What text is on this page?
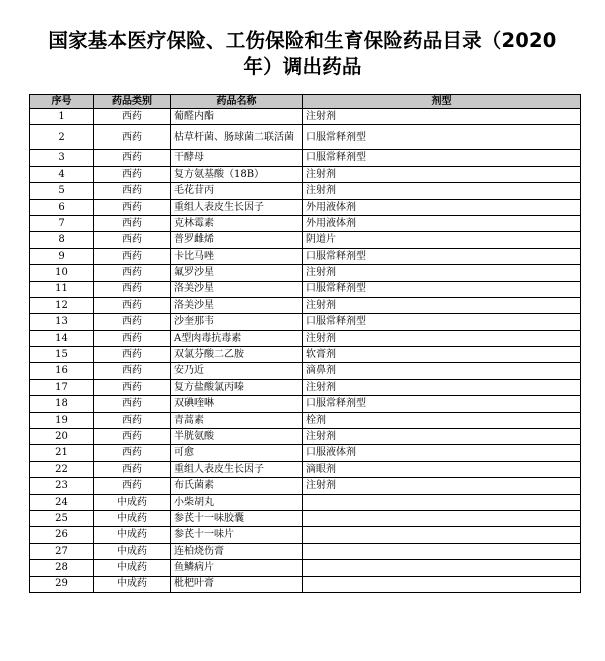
国家基本医疗保险、工伤保险和生育保险药品目录（2020年）调出药品
序号	药品类别	药品名称	剂型
1	西药	葡醛内酯	注射剂
2	西药	枯草杆菌、肠球菌二联活菌	口服常释剂型
3	西药	干酵母	口服常释剂型
4	西药	复方氨基酸（18B）	注射剂
5	西药	毛花苷丙	注射剂
6	西药	重组人表皮生长因子	外用液体剂
7	西药	克林霉素	外用液体剂
8	西药	普罗雌烯	阴道片
9	西药	卡比马唑	口服常释剂型
10	西药	氟罗沙星	注射剂
11	西药	洛美沙星	口服常释剂型
12	西药	洛美沙星	注射剂
13	西药	沙奎那韦	口服常释剂型
14	西药	A型肉毒抗毒素	注射剂
15	西药	双氯芬酸二乙胺	软膏剂
16	西药	安乃近	滴鼻剂
17	西药	复方盐酸氯丙嗪	注射剂
18	西药	双碘喹啉	口服常释剂型
19	西药	青蒿素	栓剂
20	西药	半胱氨酸	注射剂
21	西药	可愈	口服液体剂
22	西药	重组人表皮生长因子	滴眼剂
23	西药	布氏菌素	注射剂
24	中成药	小柴胡丸	
25	中成药	参芪十一味胶囊	
26	中成药	参芪十一味片	
27	中成药	连柏烧伤膏	
28	中成药	鱼鳞病片	
29	中成药	枇杷叶膏	
